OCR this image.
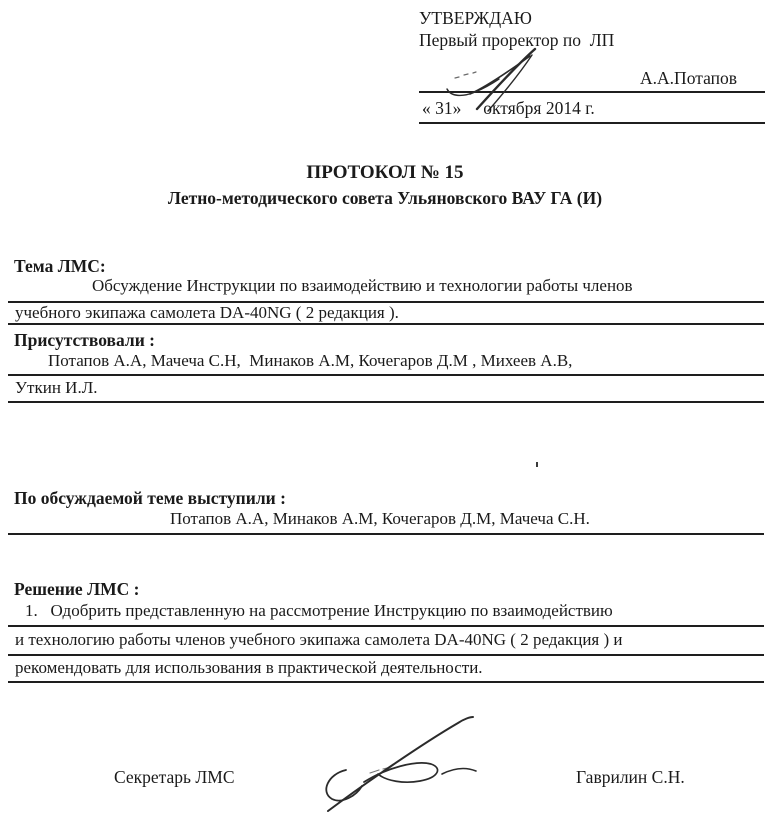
УТВЕРЖДАЮ
Первый проректор по  ЛП
А.А.Потапов
« 31»     октября 2014 г.
ПРОТОКОЛ № 15
Летно-методического совета Ульяновского ВАУ ГА (И)
Тема ЛМС:
Обсуждение Инструкции по взаимодействию и технологии работы членов
учебного экипажа самолета DA-40NG ( 2 редакция ).
Присутствовали :
Потапов А.А, Мачеча С.Н,  Минаков А.М, Кочегаров Д.М , Михеев А.В,
Уткин И.Л.
По обсуждаемой теме выступили :
Потапов А.А, Минаков А.М, Кочегаров Д.М, Мачеча С.Н.
Решение ЛМС :
1.   Одобрить представленную на рассмотрение Инструкцию по взаимодействию
и технологию работы членов учебного экипажа самолета DA-40NG ( 2 редакция ) и
рекомендовать для использования в практической деятельности.
Секретарь ЛМС	Гаврилин С.Н.
